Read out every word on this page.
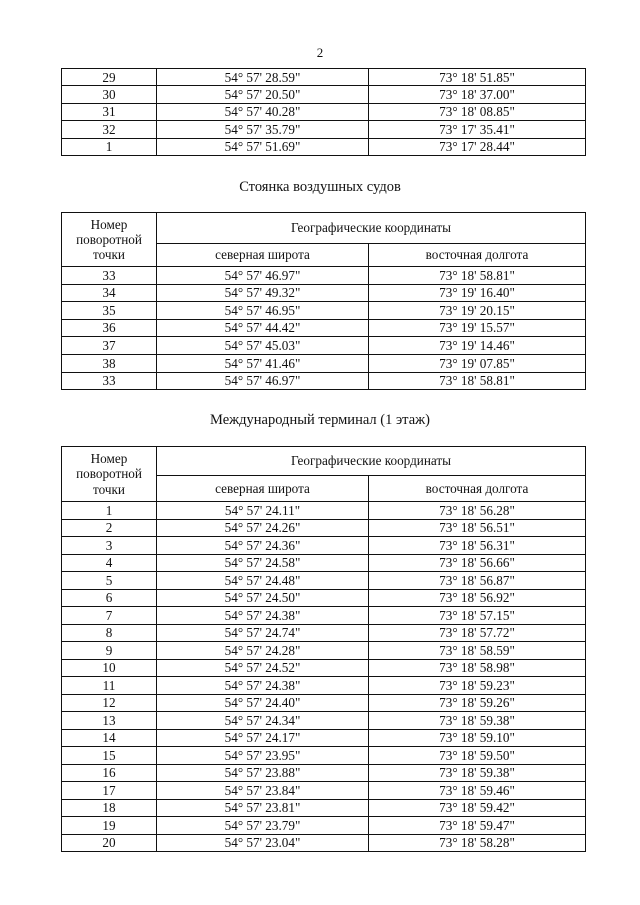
2
29	54° 57' 28.59"	73° 18' 51.85"
30	54° 57' 20.50"	73° 18' 37.00"
31	54° 57' 40.28"	73° 18' 08.85"
32	54° 57' 35.79"	73° 17' 35.41"
1	54° 57' 51.69"	73° 17' 28.44"
Стоянка воздушных судов
Номер поворотной точки	Географические координаты	
	северная широта	восточная долгота
33	54° 57' 46.97"	73° 18' 58.81"
34	54° 57' 49.32"	73° 19' 16.40"
35	54° 57' 46.95"	73° 19' 20.15"
36	54° 57' 44.42"	73° 19' 15.57"
37	54° 57' 45.03"	73° 19' 14.46"
38	54° 57' 41.46"	73° 19' 07.85"
33	54° 57' 46.97"	73° 18' 58.81"
Международный терминал (1 этаж)
Номер поворотной точки	Географические координаты	
	северная широта	восточная долгота
1	54° 57' 24.11"	73° 18' 56.28"
2	54° 57' 24.26"	73° 18' 56.51"
3	54° 57' 24.36"	73° 18' 56.31"
4	54° 57' 24.58"	73° 18' 56.66"
5	54° 57' 24.48"	73° 18' 56.87"
6	54° 57' 24.50"	73° 18' 56.92"
7	54° 57' 24.38"	73° 18' 57.15"
8	54° 57' 24.74"	73° 18' 57.72"
9	54° 57' 24.28"	73° 18' 58.59"
10	54° 57' 24.52"	73° 18' 58.98"
11	54° 57' 24.38"	73° 18' 59.23"
12	54° 57' 24.40"	73° 18' 59.26"
13	54° 57' 24.34"	73° 18' 59.38"
14	54° 57' 24.17"	73° 18' 59.10"
15	54° 57' 23.95"	73° 18' 59.50"
16	54° 57' 23.88"	73° 18' 59.38"
17	54° 57' 23.84"	73° 18' 59.46"
18	54° 57' 23.81"	73° 18' 59.42"
19	54° 57' 23.79"	73° 18' 59.47"
20	54° 57' 23.04"	73° 18' 58.28"
